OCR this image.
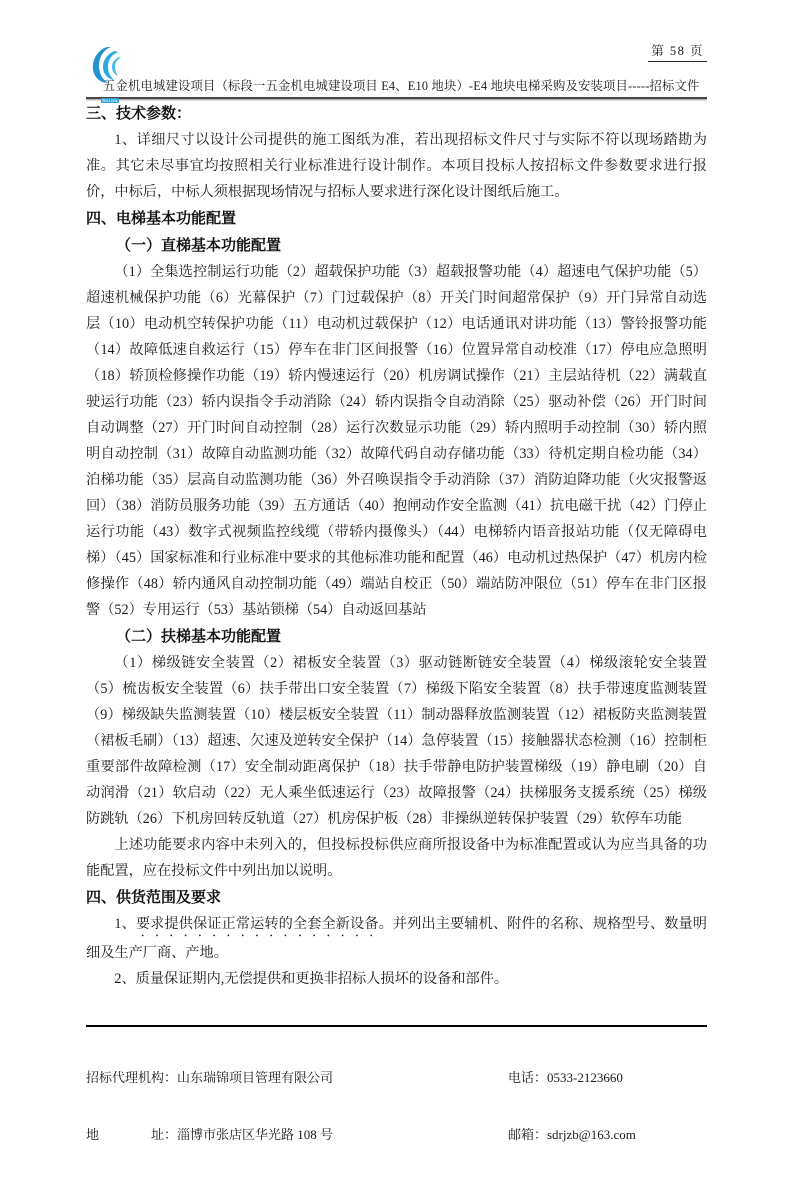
RUIJIN
第 58 页
五金机电城建设项目（标段一五金机电城建设项目 E4、E10 地块）-E4 地块电梯采购及安装项目-----招标文件
三、技术参数：

1、详细尺寸以设计公司提供的施工图纸为准，若出现招标文件尺寸与实际不符以现场踏勘为准。其它未尽事宜均按照相关行业标准进行设计制作。本项目投标人按招标文件参数要求进行报价，中标后，中标人须根据现场情况与招标人要求进行深化设计图纸后施工。

四、电梯基本功能配置
（一）直梯基本功能配置

（1）全集选控制运行功能（2）超载保护功能（3）超载报警功能（4）超速电气保护功能（5）超速机械保护功能（6）光幕保护（7）门过载保护（8）开关门时间超常保护（9）开门异常自动选层（10）电动机空转保护功能（11）电动机过载保护（12）电话通讯对讲功能（13）警铃报警功能（14）故障低速自救运行（15）停车在非门区间报警（16）位置异常自动校准（17）停电应急照明（18）轿顶检修操作功能（19）轿内慢速运行（20）机房调试操作（21）主层站待机（22）满载直驶运行功能（23）轿内误指令手动消除（24）轿内误指令自动消除（25）驱动补偿（26）开门时间自动调整（27）开门时间自动控制（28）运行次数显示功能（29）轿内照明手动控制（30）轿内照明自动控制（31）故障自动监测功能（32）故障代码自动存储功能（33）待机定期自检功能（34）泊梯功能（35）层高自动监测功能（36）外召唤误指令手动消除（37）消防迫降功能（火灾报警返回）（38）消防员服务功能（39）五方通话（40）抱闸动作安全监测（41）抗电磁干扰（42）门停止运行功能（43）数字式视频监控线缆（带轿内摄像头）（44）电梯轿内语音报站功能（仅无障碍电梯）（45）国家标准和行业标准中要求的其他标准功能和配置（46）电动机过热保护（47）机房内检修操作（48）轿内通风自动控制功能（49）端站自校正（50）端站防冲限位（51）停车在非门区报警（52）专用运行（53）基站锁梯（54）自动返回基站

（二）扶梯基本功能配置

（1）梯级链安全装置（2）裙板安全装置（3）驱动链断链安全装置（4）梯级滚轮安全装置（5）梳齿板安全装置（6）扶手带出口安全装置（7）梯级下陷安全装置（8）扶手带速度监测装置（9）梯级缺失监测装置（10）楼层板安全装置（11）制动器释放监测装置（12）裙板防夹监测装置（裙板毛刷）（13）超速、欠速及逆转安全保护（14）急停装置（15）接触器状态检测（16）控制柜重要部件故障检测（17）安全制动距离保护（18）扶手带静电防护装置梯级（19）静电刷（20）自动润滑（21）软启动（22）无人乘坐低速运行（23）故障报警（24）扶梯服务支援系统（25）梯级防跳轨（26）下机房回转反轨道（27）机房保护板（28）非操纵逆转保护装置（29）软停车功能

上述功能要求内容中未列入的，但投标投标供应商所报设备中为标准配置或认为应当具备的功能配置，应在投标文件中列出加以说明。

四、供货范围及要求

1、要求提供保证正常运转的全套全新设备。并列出主要辅机、附件的名称、规格型号、数量明细及生产厂商、产地。

2、质量保证期内,无偿提供和更换非招标人损坏的设备和部件。

招标代理机构：山东瑞锦项目管理有限公司

地　　　　址：淄博市张店区华光路 108 号

电话：0533-2123660

邮箱：sdrjzb@163.com
